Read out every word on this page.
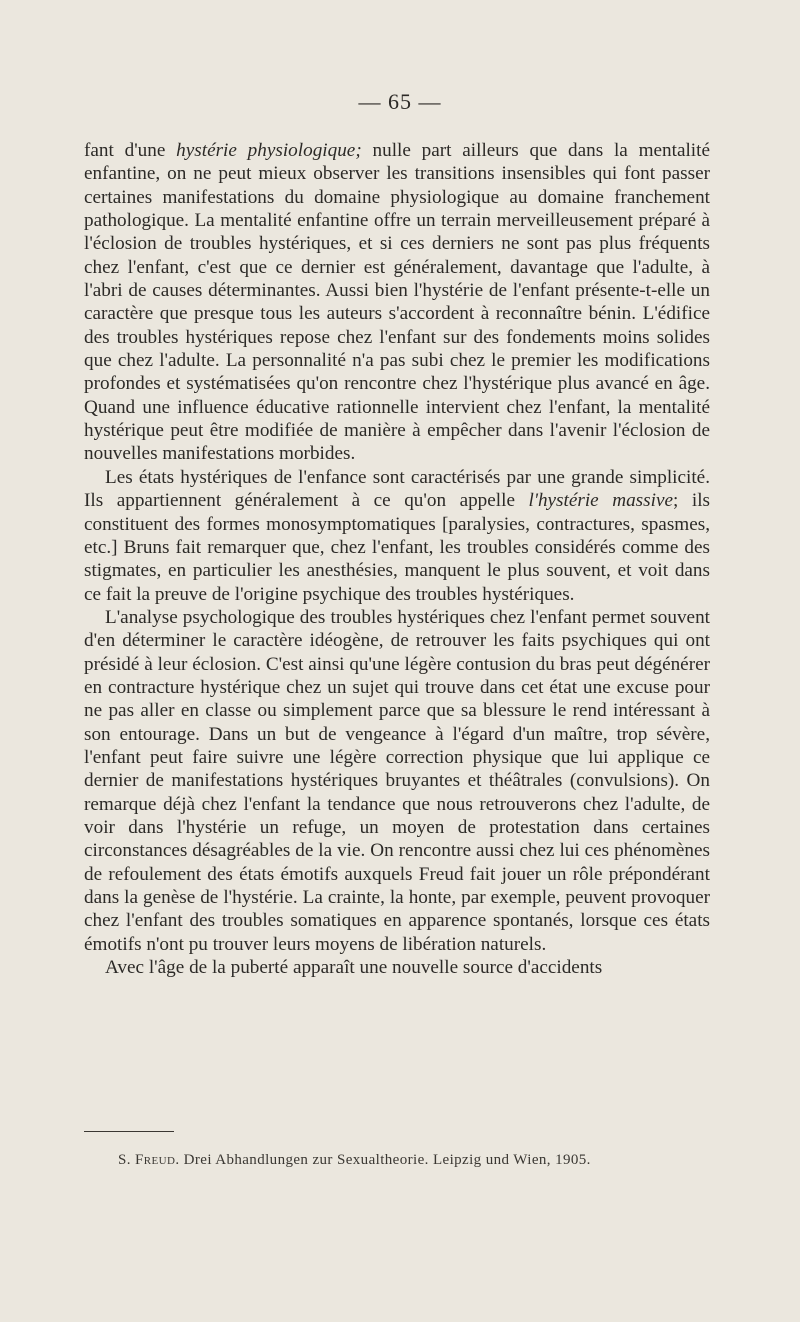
— 65 —

fant d'une hystérie physiologique; nulle part ailleurs que dans la mentalité enfantine, on ne peut mieux observer les transitions insensibles qui font passer certaines manifestations du domaine physiologique au domaine franchement pathologique. La mentalité enfantine offre un terrain merveilleusement préparé à l'éclosion de troubles hystériques, et si ces derniers ne sont pas plus fréquents chez l'enfant, c'est que ce dernier est généralement, davantage que l'adulte, à l'abri de causes déterminantes. Aussi bien l'hystérie de l'enfant présente-t-elle un caractère que presque tous les auteurs s'accordent à reconnaître bénin. L'édifice des troubles hystériques repose chez l'enfant sur des fondements moins solides que chez l'adulte. La personnalité n'a pas subi chez le premier les modifications profondes et systématisées qu'on rencontre chez l'hystérique plus avancé en âge. Quand une influence éducative rationnelle intervient chez l'enfant, la mentalité hystérique peut être modifiée de manière à empêcher dans l'avenir l'éclosion de nouvelles manifestations morbides.

Les états hystériques de l'enfance sont caractérisés par une grande simplicité. Ils appartiennent généralement à ce qu'on appelle l'hystérie massive; ils constituent des formes monosymptomatiques [paralysies, contractures, spasmes, etc.] Bruns fait remarquer que, chez l'enfant, les troubles considérés comme des stigmates, en particulier les anesthésies, manquent le plus souvent, et voit dans ce fait la preuve de l'origine psychique des troubles hystériques.

L'analyse psychologique des troubles hystériques chez l'enfant permet souvent d'en déterminer le caractère idéogène, de retrouver les faits psychiques qui ont présidé à leur éclosion. C'est ainsi qu'une légère contusion du bras peut dégénérer en contracture hystérique chez un sujet qui trouve dans cet état une excuse pour ne pas aller en classe ou simplement parce que sa blessure le rend intéressant à son entourage. Dans un but de vengeance à l'égard d'un maître, trop sévère, l'enfant peut faire suivre une légère correction physique que lui applique ce dernier de manifestations hystériques bruyantes et théâtrales (convulsions). On remarque déjà chez l'enfant la tendance que nous retrouverons chez l'adulte, de voir dans l'hystérie un refuge, un moyen de protestation dans certaines circonstances désagréables de la vie. On rencontre aussi chez lui ces phénomènes de refoulement des états émotifs auxquels Freud fait jouer un rôle prépondérant dans la genèse de l'hystérie. La crainte, la honte, par exemple, peuvent provoquer chez l'enfant des troubles somatiques en apparence spontanés, lorsque ces états émotifs n'ont pu trouver leurs moyens de libération naturels.

Avec l'âge de la puberté apparaît une nouvelle source d'accidents

S. Freud. Drei Abhandlungen zur Sexualtheorie. Leipzig und Wien, 1905.
